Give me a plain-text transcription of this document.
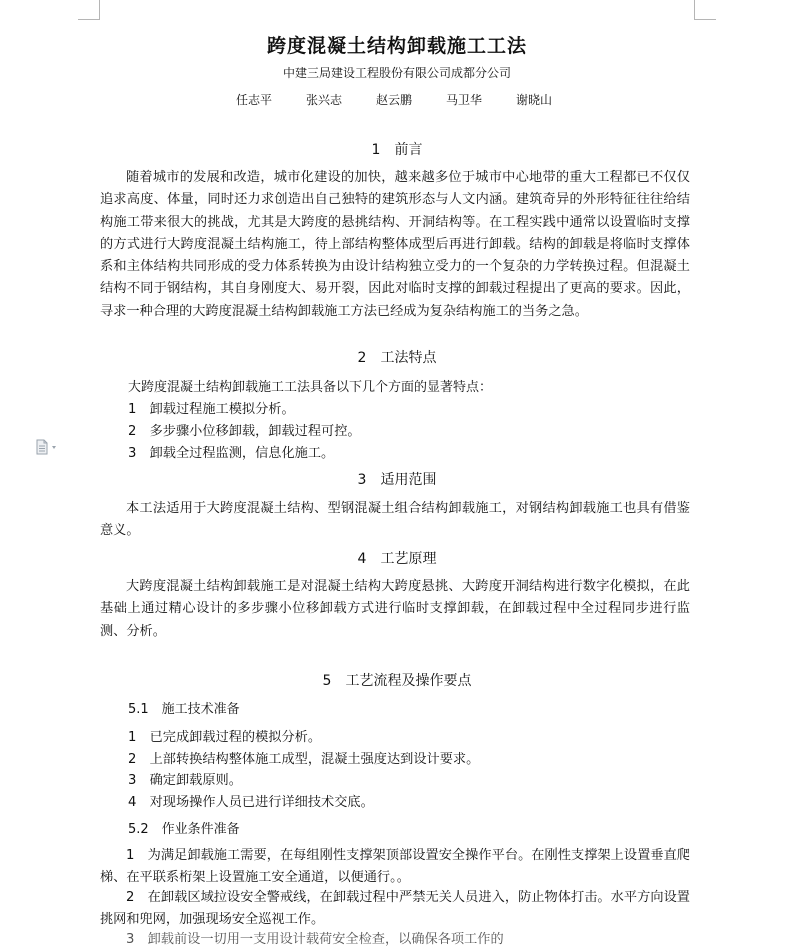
跨度混凝土结构卸载施工工法
中建三局建设工程股份有限公司成都分公司
任志平	张兴志	赵云鹏	马卫华	谢晓山
1　前言
随着城市的发展和改造，城市化建设的加快，越来越多位于城市中心地带的重大工程都已不仅仅追求高度、体量，同时还力求创造出自己独特的建筑形态与人文内涵。建筑奇异的外形特征往往给结构施工带来很大的挑战，尤其是大跨度的悬挑结构、开洞结构等。在工程实践中通常以设置临时支撑的方式进行大跨度混凝土结构施工，待上部结构整体成型后再进行卸载。结构的卸载是将临时支撑体系和主体结构共同形成的受力体系转换为由设计结构独立受力的一个复杂的力学转换过程。但混凝土结构不同于钢结构，其自身刚度大、易开裂，因此对临时支撑的卸载过程提出了更高的要求。因此，寻求一种合理的大跨度混凝土结构卸载施工方法已经成为复杂结构施工的当务之急。
2　工法特点
大跨度混凝土结构卸载施工工法具备以下几个方面的显著特点：
1　卸载过程施工模拟分析。
2　多步骤小位移卸载，卸载过程可控。
3　卸载全过程监测，信息化施工。
3　适用范围
本工法适用于大跨度混凝土结构、型钢混凝土组合结构卸载施工，对钢结构卸载施工也具有借鉴意义。
4　工艺原理
大跨度混凝土结构卸载施工是对混凝土结构大跨度悬挑、大跨度开洞结构进行数字化模拟，在此基础上通过精心设计的多步骤小位移卸载方式进行临时支撑卸载，在卸载过程中全过程同步进行监测、分析。
5　工艺流程及操作要点
5.1　施工技术准备
1　已完成卸载过程的模拟分析。
2　上部转换结构整体施工成型，混凝土强度达到设计要求。
3　确定卸载原则。
4　对现场操作人员已进行详细技术交底。
5.2　作业条件准备
1　为满足卸载施工需要，在每组刚性支撑架顶部设置安全操作平台。在刚性支撑架上设置垂直爬梯、在平联系桁架上设置施工安全通道，以便通行。。
2　在卸载区域拉设安全警戒线，在卸载过程中严禁无关人员进入，防止物体打击。水平方向设置挑网和兜网，加强现场安全巡视工作。
3　卸载前设一切用一支用设计载荷安全检查，以确保各项工作的
